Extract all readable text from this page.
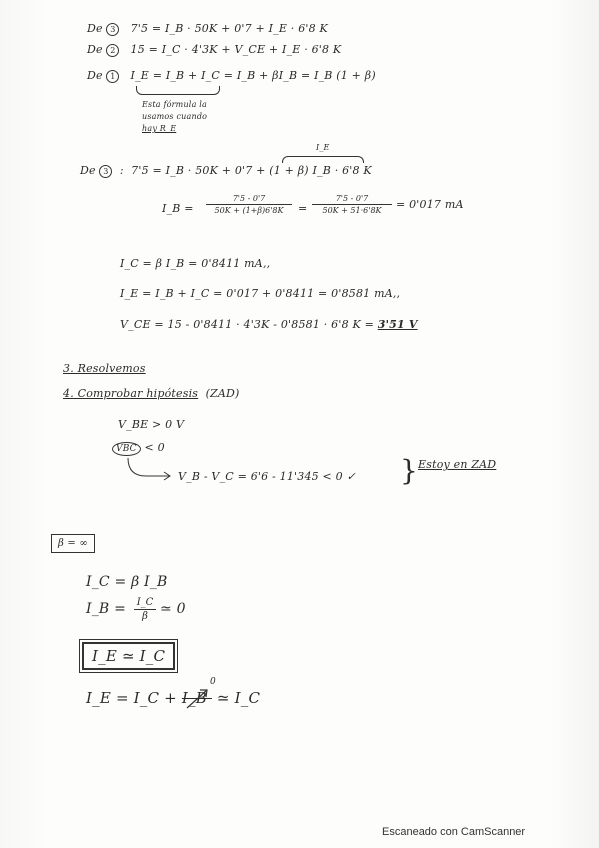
De 3 7'5 = I_B · 50K + 0'7 + I_E · 6'8 K
De 2 15 = I_C · 4'3K + V_CE + I_E · 6'8 K
De 1 I_E = I_B + I_C = I_B + βI_B = I_B (1 + β)
Esta fórmula la
usamos cuando
hay R_E
I_E
De 3  :  7'5 = I_B · 50K + 0'7 + (1 + β) I_B · 6'8 K
I_B =
7'5 - 0'7
50K + (1+β)6'8K	=
7'5 - 0'7
50K + 51·6'8K	= 0'017 mA
I_C = β I_B = 0'8411 mA,,
I_E = I_B + I_C = 0'017 + 0'8411 = 0'8581 mA,,
V_CE = 15 - 0'8411 · 4'3K - 0'8581 · 6'8 K = 3'51 V
3. Resolvemos
4. Comprobar hipótesis (ZAD)
V_BE > 0 V
VBC < 0
V_B - V_C = 6'6 - 11'345 < 0 ✓ } Estoy en ZAD
β = ∞
I_C = β I_B
I_B = I_C
β ≃ 0
I_E ≃ I_C
I_E = I_C + I_B
0
≃ I_C
Escaneado con CamScanner
